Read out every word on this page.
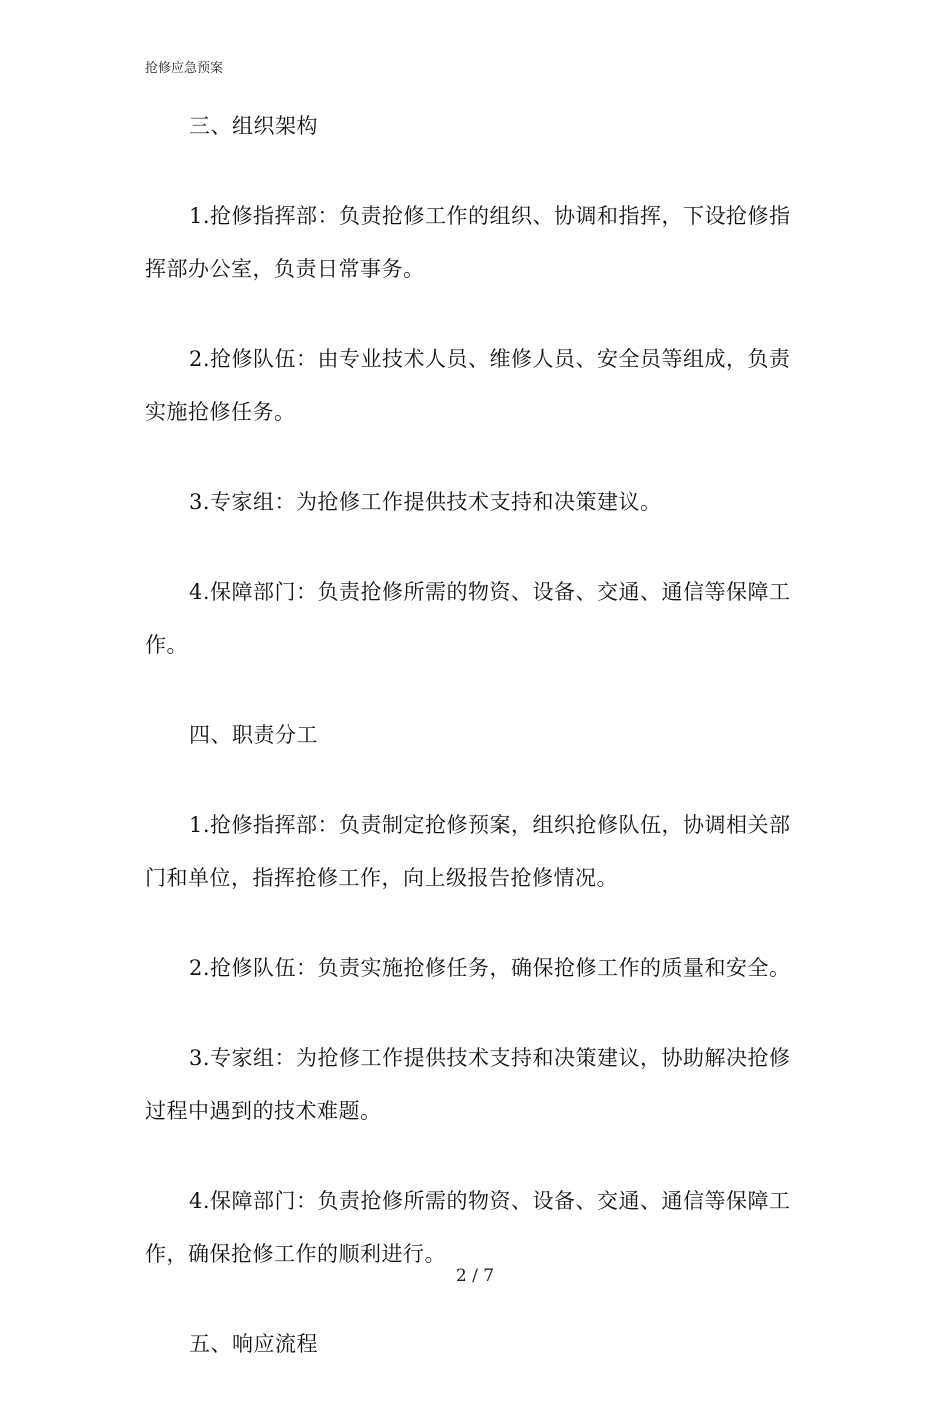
抢修应急预案

三、组织架构

1.抢修指挥部：负责抢修工作的组织、协调和指挥，下设抢修指挥部办公室，负责日常事务。

2.抢修队伍：由专业技术人员、维修人员、安全员等组成，负责实施抢修任务。

3.专家组：为抢修工作提供技术支持和决策建议。

4.保障部门：负责抢修所需的物资、设备、交通、通信等保障工作。

四、职责分工

1.抢修指挥部：负责制定抢修预案，组织抢修队伍，协调相关部门和单位，指挥抢修工作，向上级报告抢修情况。

2.抢修队伍：负责实施抢修任务，确保抢修工作的质量和安全。

3.专家组：为抢修工作提供技术支持和决策建议，协助解决抢修过程中遇到的技术难题。

4.保障部门：负责抢修所需的物资、设备、交通、通信等保障工作，确保抢修工作的顺利进行。

五、响应流程

2 / 7
